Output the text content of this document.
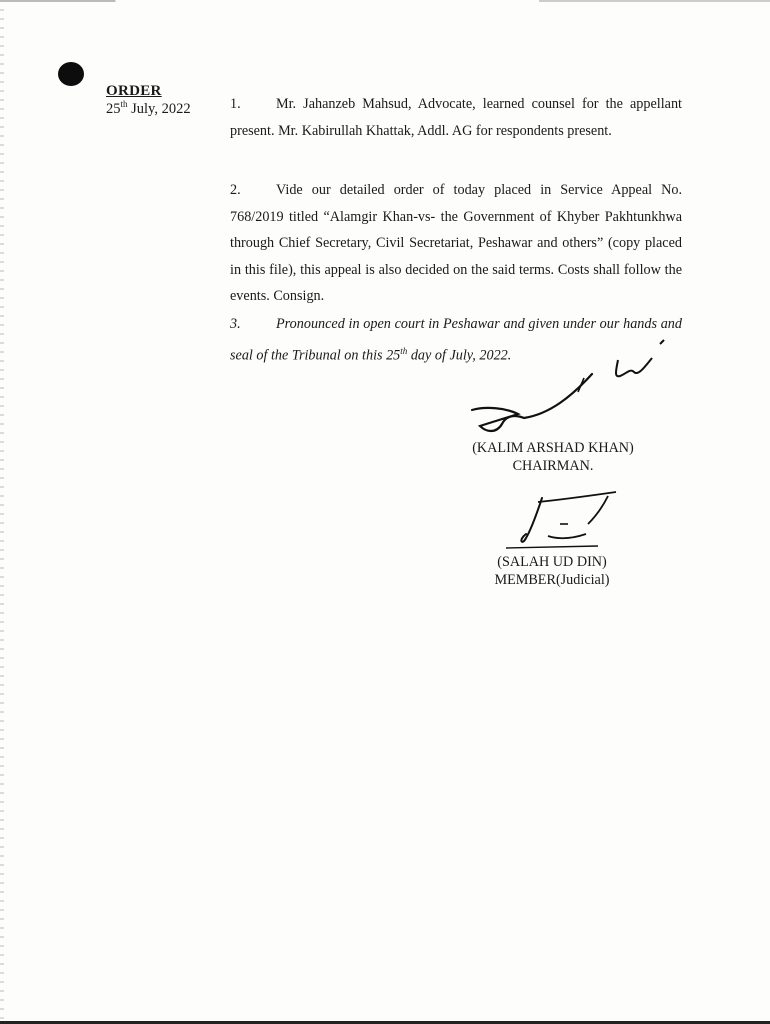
ORDER
25th July, 2022	1. Mr. Jahanzeb Mahsud, Advocate, learned counsel for the appellant present. Mr. Kabirullah Khattak, Addl. AG for respondents present.

2. Vide our detailed order of today placed in Service Appeal No. 768/2019 titled “Alamgir Khan-vs- the Government of Khyber Pakhtunkhwa through Chief Secretary, Civil Secretariat, Peshawar and others” (copy placed in this file), this appeal is also decided on the said terms. Costs shall follow the events. Consign.

3. Pronounced in open court in Peshawar and given under our hands and seal of the Tribunal on this 25th day of July, 2022.

(KALIM ARSHAD KHAN)
CHAIRMAN.
(SALAH UD DIN)
MEMBER(Judicial)
